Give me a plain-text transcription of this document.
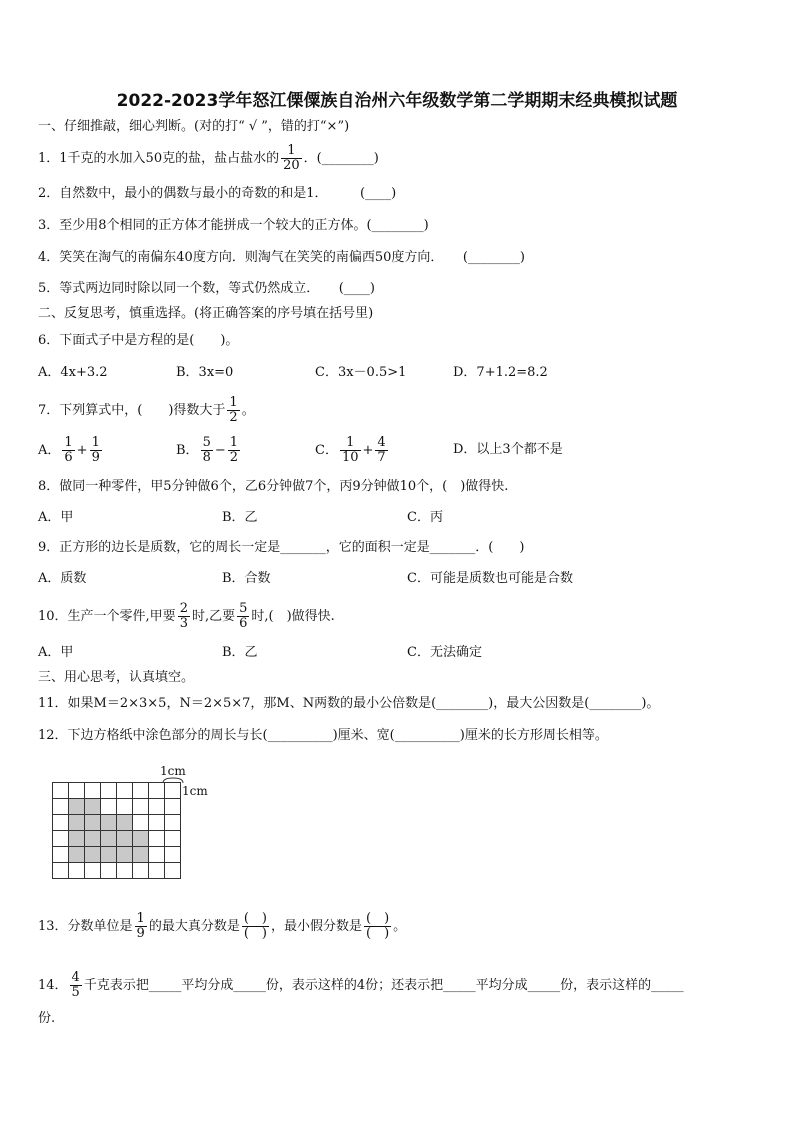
2022-2023学年怒江傈僳族自治州六年级数学第二学期期末经典模拟试题
一、仔细推敲，细心判断。(对的打“ √ ”，错的打“×”)
1．1千克的水加入50克的盐，盐占盐水的 $\frac{1}{20}$ ．(________)
2．自然数中，最小的偶数与最小的奇数的和是1．　　　(____)
3．至少用8个相同的正方体才能拼成一个较大的正方体。(________)
4．笑笑在淘气的南偏东40度方向．则淘气在笑笑的南偏西50度方向．　　(________)
5．等式两边同时除以同一个数，等式仍然成立．　　(____)
二、反复思考，慎重选择。(将正确答案的序号填在括号里)
6．下面式子中是方程的是(　　)。
A．4x+3.2	B．3x=0	C．3x－0.5>1	D．7+1.2=8.2
7．下列算式中，(　　)得数大于 $\frac{1}{2}$ 。
A． $\frac{1}{6} + \frac{1}{9}$	B． $\frac{5}{8} - \frac{1}{2}$	C． $\frac{1}{10} + \frac{4}{7}$	D．以上3个都不是
8．做同一种零件，甲5分钟做6个，乙6分钟做7个，丙9分钟做10个，(　)做得快.
A．甲	B．乙	C．丙
9．正方形的边长是质数，它的周长一定是_______，它的面积一定是_______．(　　)
A．质数	B．合数	C．可能是质数也可能是合数
10．生产一个零件,甲要 $\frac{2}{3}$ 时,乙要 $\frac{5}{6}$ 时,(　)做得快.
A．甲	B．乙	C．无法确定
三、用心思考，认真填空。
11．如果M＝2×3×5，N＝2×5×7，那M、N两数的最小公倍数是(________)，最大公因数是(________)。
12．下边方格纸中涂色部分的周长与长(__________)厘米、宽(__________)厘米的长方形周长相等。
1cm
1cm

13．分数单位是 $\frac{1}{9}$ 的最大真分数是 $\frac{( )}{( )}$ ，最小假分数是 $\frac{( )}{( )}$ 。
14． $\frac{4}{5}$ 千克表示把_____平均分成_____份，表示这样的4份；还表示把_____平均分成_____份，表示这样的_____
份.
